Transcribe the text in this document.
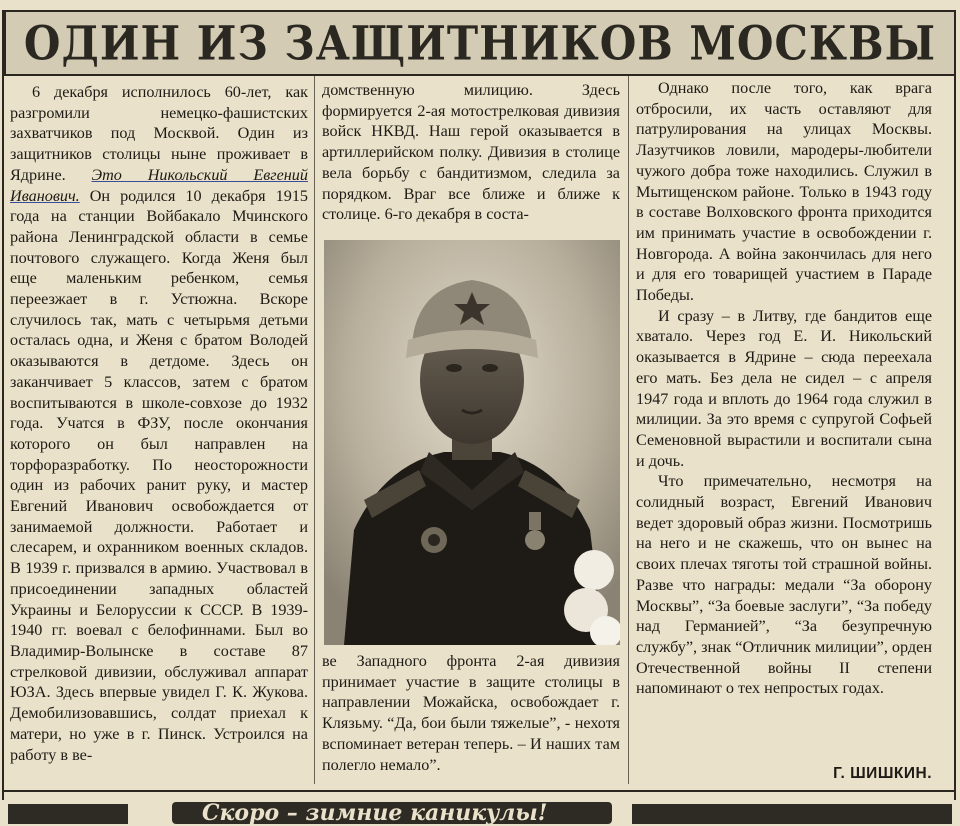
ОДИН ИЗ ЗАЩИТНИКОВ МОСКВЫ

6 декабря исполнилось 60-лет, как разгромили немецко-фашистских захватчиков под Москвой. Один из защитников столицы ныне проживает в Ядрине. Это Никольский Евгений Иванович. Он родился 10 декабря 1915 года на станции Войбакало Мчинского района Ленинградской области в семье почтового служащего. Когда Женя был еще маленьким ребенком, семья переезжает в г. Устюжна. Вскоре случилось так, мать с четырьмя детьми осталась одна, и Женя с братом Володей оказываются в детдоме. Здесь он заканчивает 5 классов, затем с братом воспитываются в школе-совхозе до 1932 года. Учатся в ФЗУ, после окончания которого он был направлен на торфоразработку. По неосторожности один из рабочих ранит руку, и мастер Евгений Иванович освобождается от занимаемой должности. Работает и слесарем, и охранником военных складов. В 1939 г. призвался в армию. Участвовал в присоединении западных областей Украины и Белоруссии к СССР. В 1939-1940 гг. воевал с белофиннами. Был во Владимир-Волынске в составе 87 стрелковой дивизии, обслуживал аппарат ЮЗА. Здесь впервые увидел Г. К. Жукова. Демобилизовавшись, солдат приехал к матери, но уже в г. Пинск. Устроился на работу в ве-

домственную милицию. Здесь формируется 2-ая мотострелковая дивизия войск НКВД. Наш герой оказывается в артиллерийском полку. Дивизия в столице вела борьбу с бандитизмом, следила за порядком. Враг все ближе и ближе к столице. 6-го декабря в соста-

ве Западного фронта 2-ая дивизия принимает участие в защите столицы в направлении Можайска, освобождает г. Клязьму. “Да, бои были тяжелые”, - нехотя вспоминает ветеран теперь. – И наших там полегло немало”.

Однако после того, как врага отбросили, их часть оставляют для патрулирования на улицах Москвы. Лазутчиков ловили, мародеры-любители чужого добра тоже находились. Служил в Мытищенском районе. Только в 1943 году в составе Волховского фронта приходится им принимать участие в освобождении г. Новгорода. А война закончилась для него и для его товарищей участием в Параде Победы.

И сразу – в Литву, где бандитов еще хватало. Через год Е. И. Никольский оказывается в Ядрине – сюда переехала его мать. Без дела не сидел – с апреля 1947 года и вплоть до 1964 года служил в милиции. За это время с супругой Софьей Семеновной вырастили и воспитали сына и дочь.

Что примечательно, несмотря на солидный возраст, Евгений Иванович ведет здоровый образ жизни. Посмотришь на него и не скажешь, что он вынес на своих плечах тяготы той страшной войны. Разве что награды: медали “За оборону Москвы”, “За боевые заслуги”, “За победу над Германией”, “За безупречную службу”, знак “Отличник милиции”, орден Отечественной войны II степени напоминают о тех непростых годах.

Г. ШИШКИН.
Скоро – зимние каникулы!
